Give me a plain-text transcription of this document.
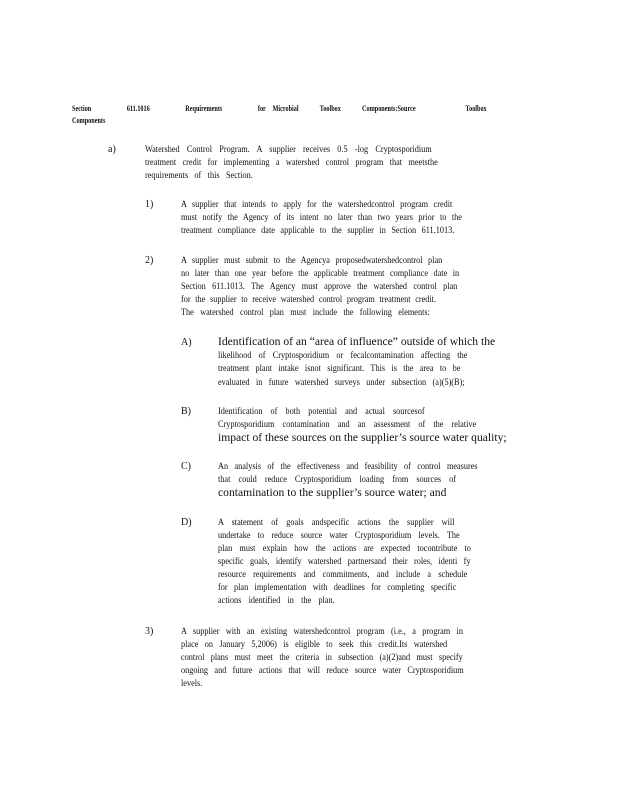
Section	611.1016	Requirements	for Microbial Toolbox Components:Source	Toolbox
Components
a)	Watershed Control Program. A supplier receives 0.5 -log Cryptosporidium
treatment credit for implementing a watershed control program that meetsthe
requirements of this Section.
1)	A supplier that intends to apply for the watershedcontrol program credit
must notify the Agency of its intent no later than two years prior to the
treatment compliance date applicable to the supplier in Section 611.1013.
2)	A supplier must submit to the Agencya proposedwatershedcontrol plan
no later than one year before the applicable treatment compliance date in
Section 611.1013. The Agency must approve the watershed control plan
for the supplier to receive watershed control program treatment credit.
The watershed control plan must include the following elements:
A) Identification of an “area of influence” outside of which the
likelihood of Cryptosporidium or fecalcontamination affecting the
treatment plant intake isnot significant. This is the area to be
evaluated in future watershed surveys under subsection (a)(5)(B);
B)	Identification of both potential and actual sourcesof
Cryptosporidium contamination and an assessment of the relative
impact of these sources on the supplier’s source water quality;
C)	An analysis of the effectiveness and feasibility of control measures
that could reduce Cryptosporidium loading from sources of
contamination to the supplier’s source water; and
D)	A statement of goals andspecific actions the supplier will
undertake to reduce source water Cryptosporidium levels. The
plan must explain how the actions are expected tocontribute to
specific goals, identify watershed partnersand their roles, identi fy
resource requirements and commitments, and include a schedule
for plan implementation with deadlines for completing specific
actions identified in the plan.
3)	A supplier with an existing watershedcontrol program (i.e., a program in
place on January 5,2006) is eligible to seek this credit.Its watershed
control plans must meet the criteria in subsection (a)(2)and must specify
ongoing and future actions that will reduce source water Cryptosporidium
levels.
